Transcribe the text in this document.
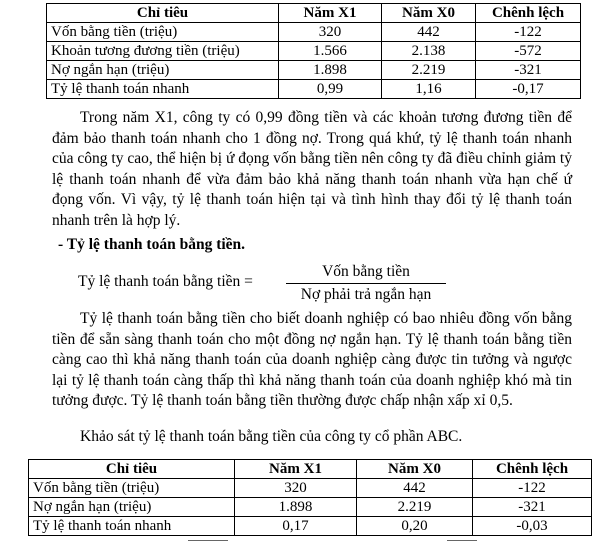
Chỉ tiêu	Năm X1	Năm X0	Chênh lệch
Vốn bằng tiền (triệu)	320	442	-122
Khoản tương đương tiền (triệu)	1.566	2.138	-572
Nợ ngắn hạn (triệu)	1.898	2.219	-321
Tỷ lệ thanh toán nhanh	0,99	1,16	-0,17

Trong năm X1, công ty có 0,99 đồng tiền và các khoản tương đương tiền để đảm bảo thanh toán nhanh cho 1 đồng nợ. Trong quá khứ, tỷ lệ thanh toán nhanh của công ty cao, thể hiện bị ứ đọng vốn bằng tiền nên công ty đã điều chỉnh giảm tỷ lệ thanh toán nhanh để vừa đảm bảo khả năng thanh toán nhanh vừa hạn chế ứ đọng vốn. Vì vậy, tỷ lệ thanh toán hiện tại và tình hình thay đổi tỷ lệ thanh toán nhanh trên là hợp lý.

- Tỷ lệ thanh toán bằng tiền.

Tỷ lệ thanh toán bằng tiền =
Vốn bằng tiền
Nợ phải trả ngắn hạn

Tỷ lệ thanh toán bằng tiền cho biết doanh nghiệp có bao nhiêu đồng vốn bằng tiền để sẵn sàng thanh toán cho một đồng nợ ngắn hạn. Tỷ lệ thanh toán bằng tiền càng cao thì khả năng thanh toán của doanh nghiệp càng được tin tưởng và ngược lại tỷ lệ thanh toán càng thấp thì khả năng thanh toán của doanh nghiệp khó mà tin tưởng được. Tỷ lệ thanh toán bằng tiền thường được chấp nhận xấp xỉ 0,5.

Khảo sát tỷ lệ thanh toán bằng tiền của công ty cổ phần ABC.

Chỉ tiêu	Năm X1	Năm X0	Chênh lệch
Vốn bằng tiền (triệu)	320	442	-122
Nợ ngắn hạn (triệu)	1.898	2.219	-321
Tỷ lệ thanh toán nhanh	0,17	0,20	-0,03
